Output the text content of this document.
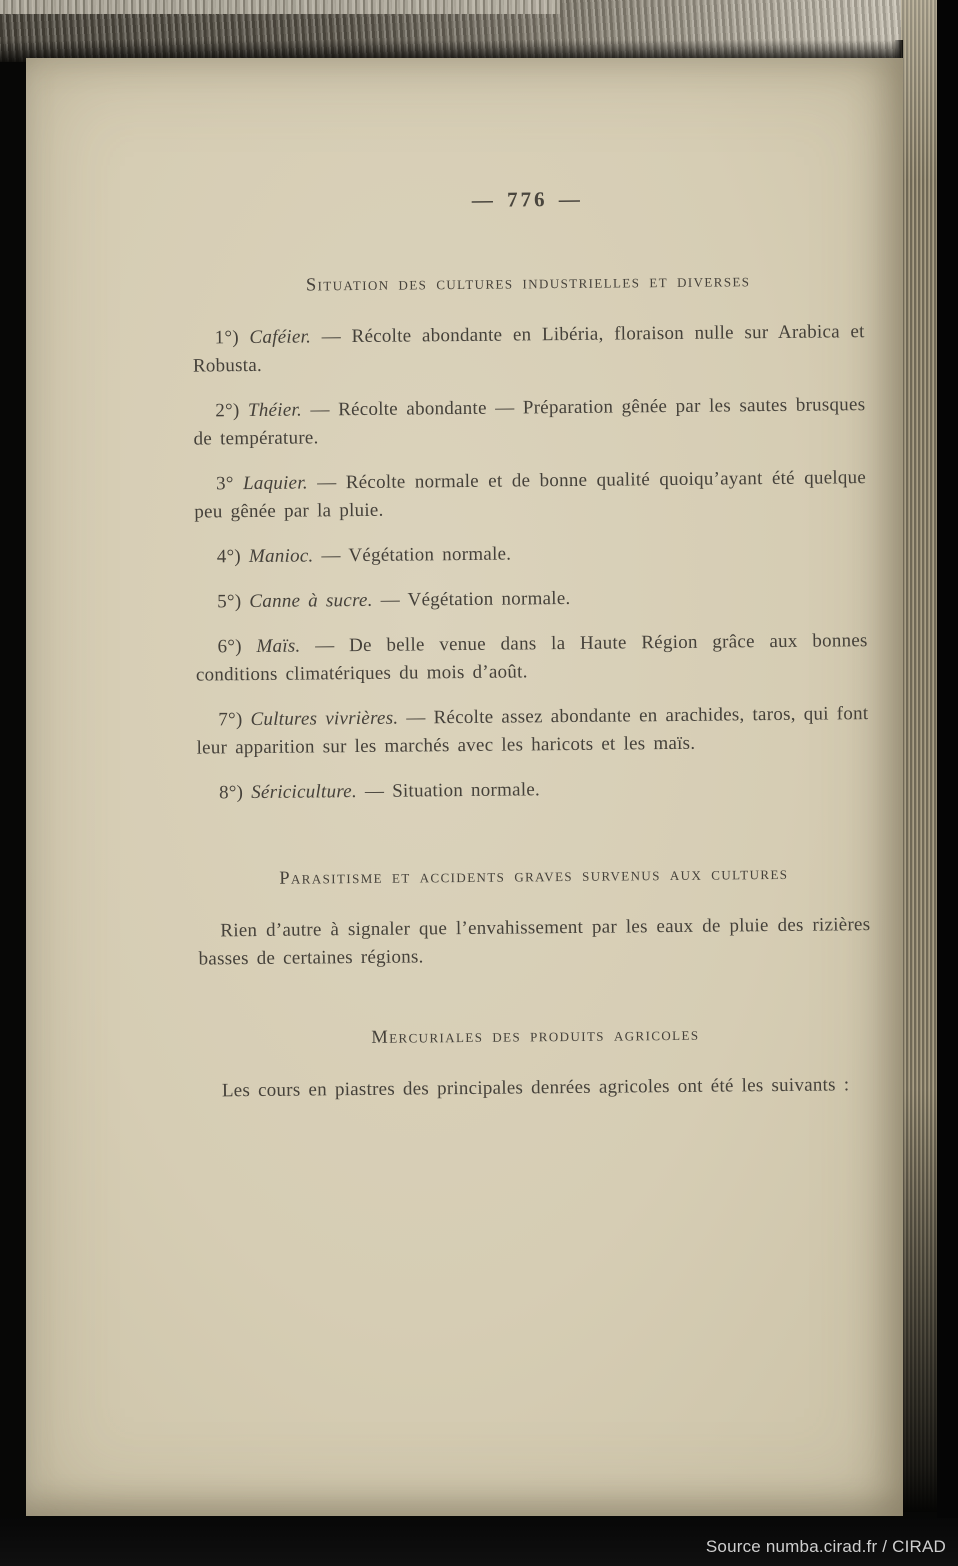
— 776 —

Situation des cultures industrielles et diverses

1°) Caféier. — Récolte abondante en Libéria, floraison nulle sur Arabica et Robusta.

2°) Théier. — Récolte abondante — Préparation gênée par les sautes brusques de température.

3° Laquier. — Récolte normale et de bonne qualité quoiqu’ayant été quelque peu gênée par la pluie.

4°) Manioc. — Végétation normale.

5°) Canne à sucre. — Végétation normale.

6°) Maïs. — De belle venue dans la Haute Région grâce aux bonnes conditions climatériques du mois d’août.

7°) Cultures vivrières. — Récolte assez abondante en arachides, taros, qui font leur apparition sur les marchés avec les haricots et les maïs.

8°) Sériciculture. — Situation normale.

Parasitisme et accidents graves survenus aux cultures

Rien d’autre à signaler que l’envahissement par les eaux de pluie des rizières basses de certaines régions.

Mercuriales des produits agricoles

Les cours en piastres des principales denrées agricoles ont été les suivants :

Source numba.cirad.fr / CIRAD
